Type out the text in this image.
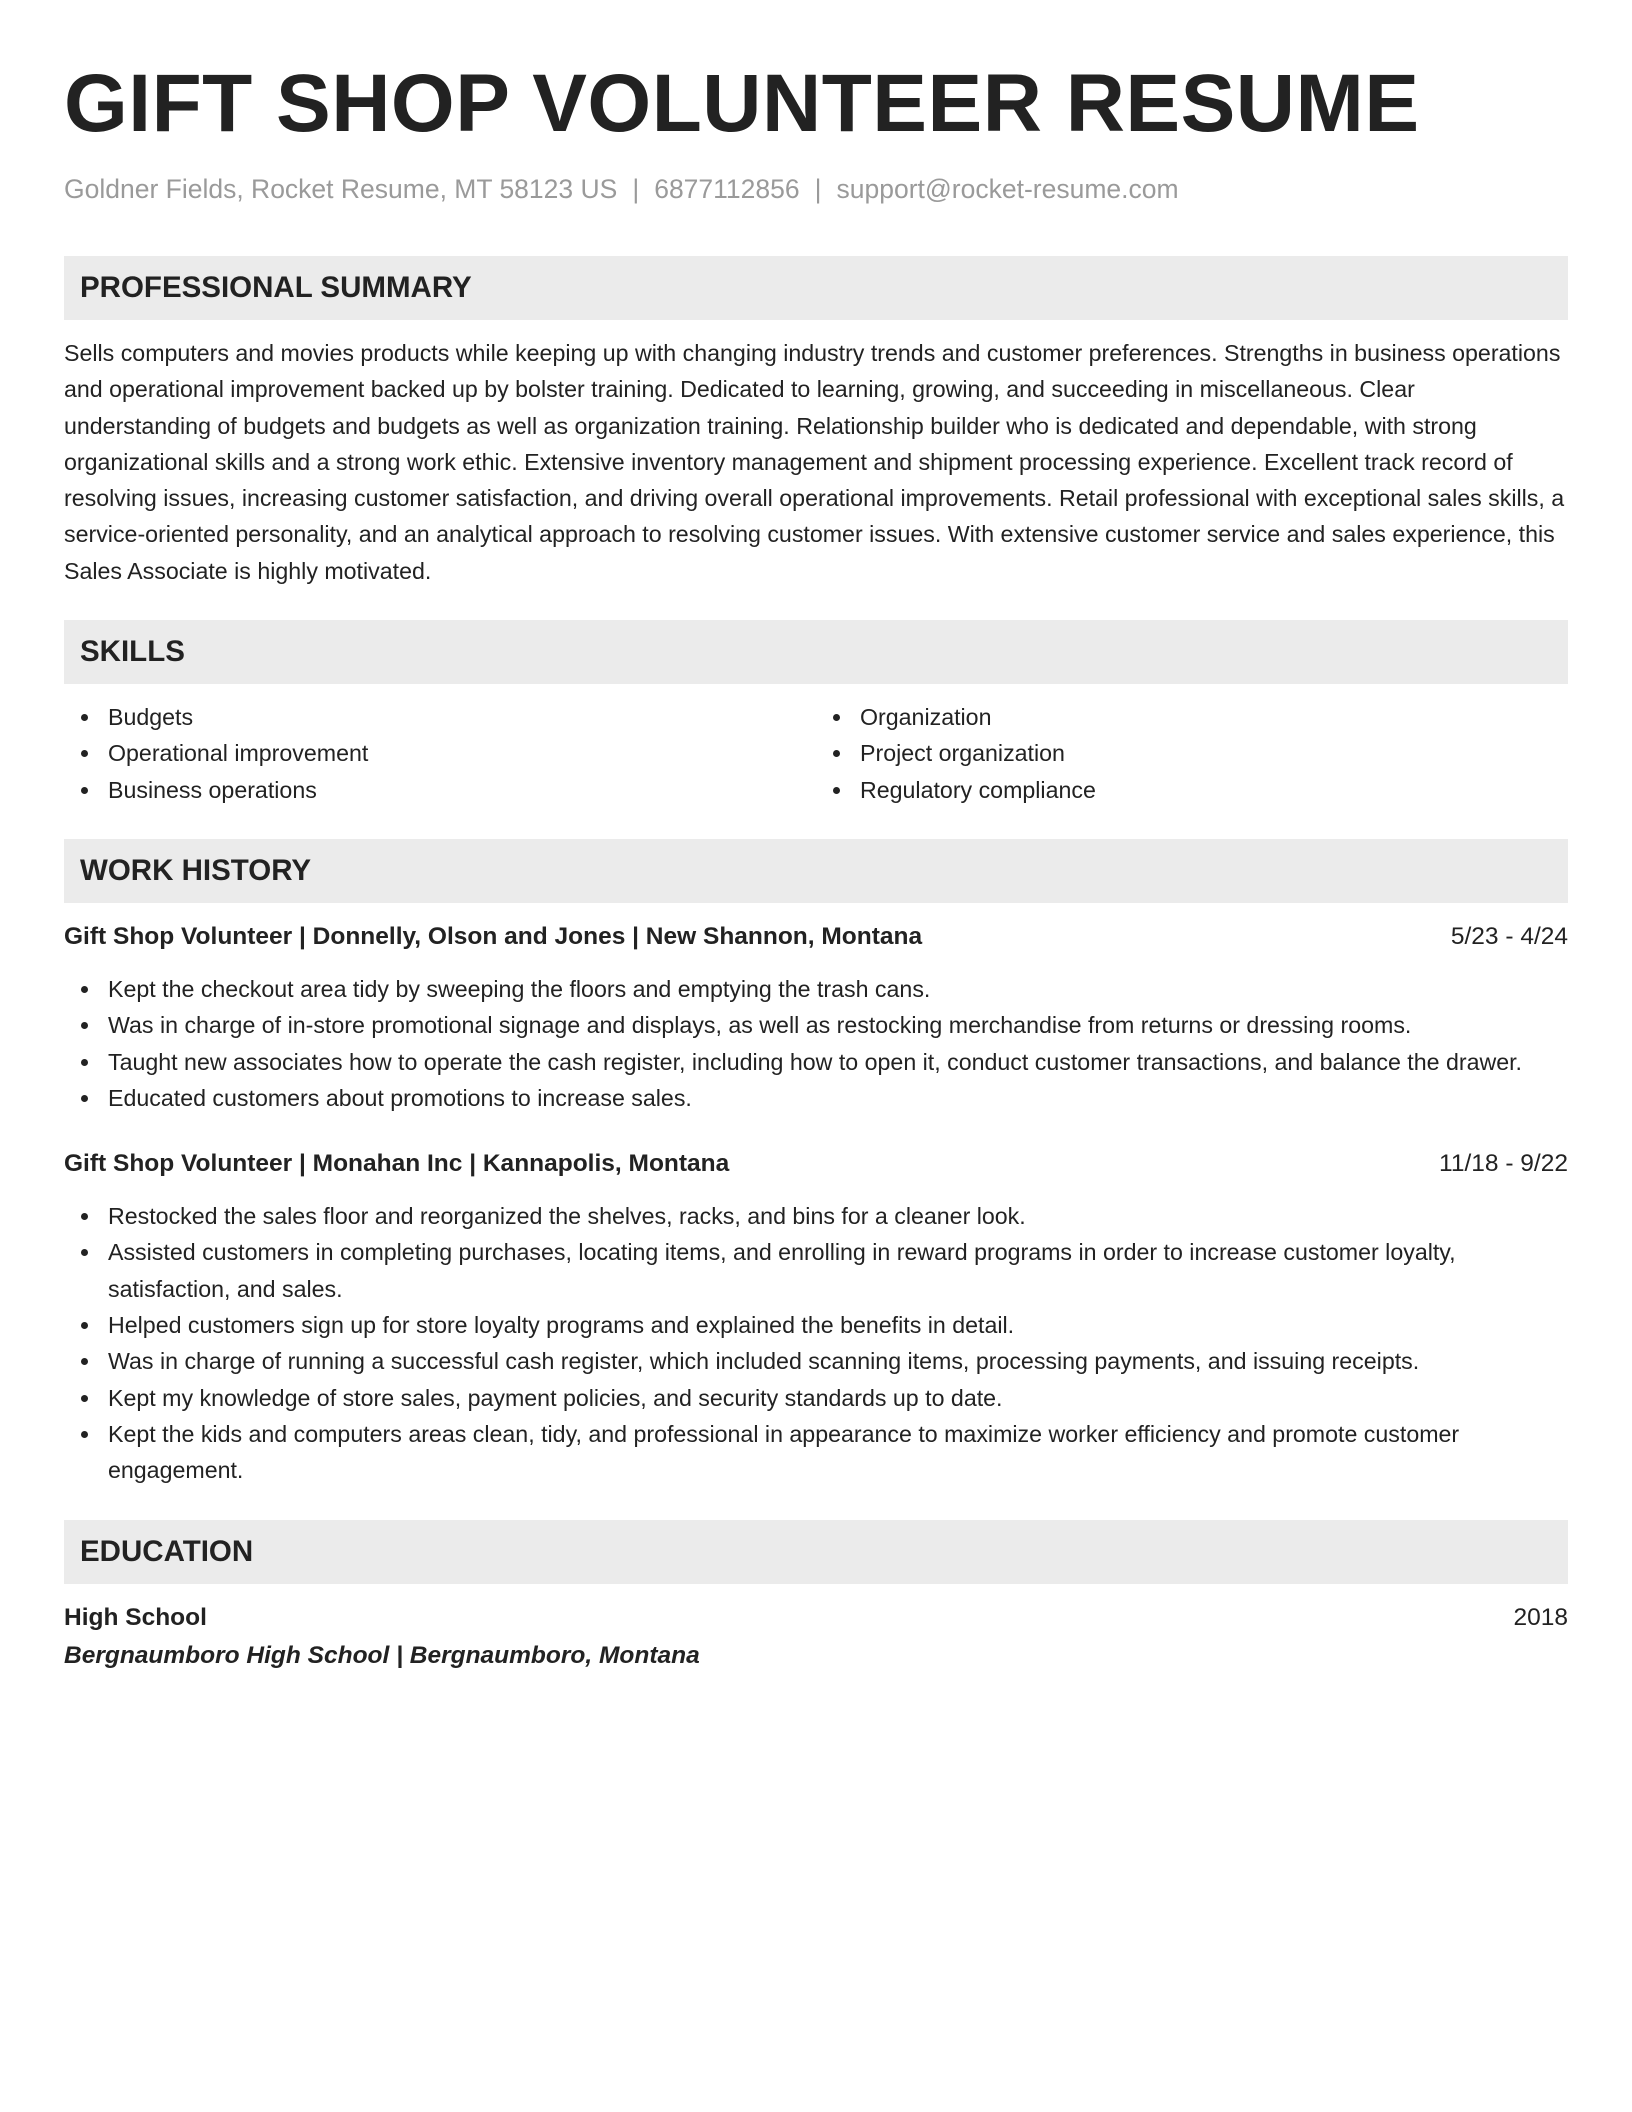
GIFT SHOP VOLUNTEER RESUME
Goldner Fields, Rocket Resume, MT 58123 US | 6877112856 | support@rocket-resume.com
PROFESSIONAL SUMMARY

Sells computers and movies products while keeping up with changing industry trends and customer preferences. Strengths in business operations and operational improvement backed up by bolster training. Dedicated to learning, growing, and succeeding in miscellaneous. Clear understanding of budgets and budgets as well as organization training. Relationship builder who is dedicated and dependable, with strong organizational skills and a strong work ethic. Extensive inventory management and shipment processing experience. Excellent track record of resolving issues, increasing customer satisfaction, and driving overall operational improvements. Retail professional with exceptional sales skills, a service-oriented personality, and an analytical approach to resolving customer issues. With extensive customer service and sales experience, this Sales Associate is highly motivated.

SKILLS
Budgets
Operational improvement
Business operations
Organization
Project organization
Regulatory compliance
WORK HISTORY
Gift Shop Volunteer | Donnelly, Olson and Jones | New Shannon, Montana	5/23 - 4/24
Kept the checkout area tidy by sweeping the floors and emptying the trash cans.
Was in charge of in-store promotional signage and displays, as well as restocking merchandise from returns or dressing rooms.
Taught new associates how to operate the cash register, including how to open it, conduct customer transactions, and balance the drawer.
Educated customers about promotions to increase sales.
Gift Shop Volunteer | Monahan Inc | Kannapolis, Montana	11/18 - 9/22
Restocked the sales floor and reorganized the shelves, racks, and bins for a cleaner look.
Assisted customers in completing purchases, locating items, and enrolling in reward programs in order to increase customer loyalty, satisfaction, and sales.
Helped customers sign up for store loyalty programs and explained the benefits in detail.
Was in charge of running a successful cash register, which included scanning items, processing payments, and issuing receipts.
Kept my knowledge of store sales, payment policies, and security standards up to date.
Kept the kids and computers areas clean, tidy, and professional in appearance to maximize worker efficiency and promote customer engagement.
EDUCATION
High School	2018
Bergnaumboro High School | Bergnaumboro, Montana
